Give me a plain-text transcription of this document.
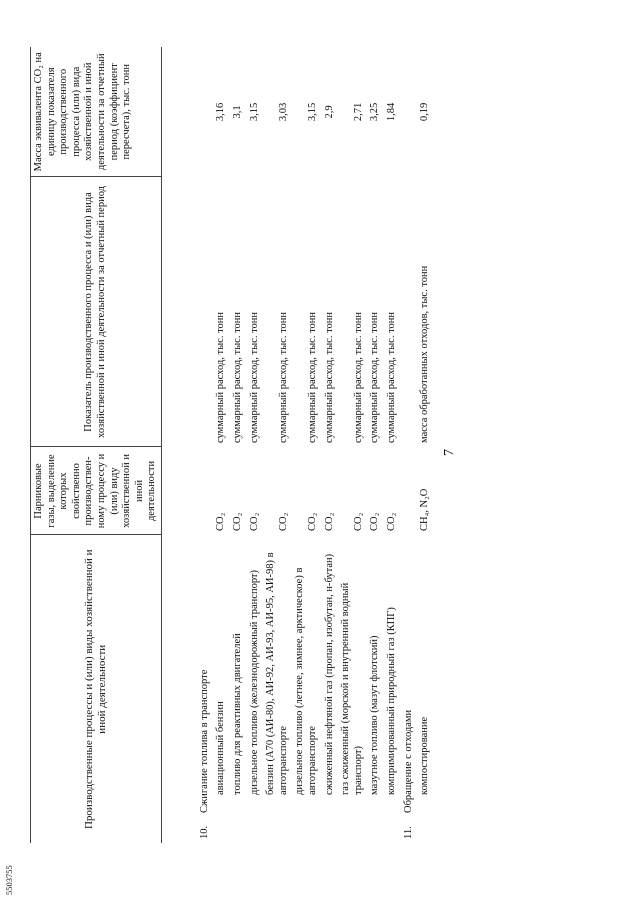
7
5503755
Производственные процессы и (или) виды хозяйственной и иной деятельности		Парниковые газы, выделение которых свойственно производствен-ному процессу и (или) виду хозяйственной и иной деятельности	Показатель производственного процесса и (или) вида хозяйственной и иной деятельности за отчетный период	Масса эквивалента CO₂ на единицу показателя производственного процесса (или) вида хозяйственной и иной деятельности за отчетный период (коэффициент пересчета), тыс. тонн
10.	Сжигание топлива в транспорте			
	авиационный бензин	CO₂	суммарный расход, тыс. тонн	3,16
	топливо для реактивных двигателей	CO₂	суммарный расход, тыс. тонн	3,1
	дизельное топливо (железнодорожный транспорт)	CO₂	суммарный расход, тыс. тонн	3,15
	бензин (А70 (АИ-80), АИ-92, АИ-93, АИ-95, АИ-98) в автотранспорте	CO₂	суммарный расход, тыс. тонн	3,03
	дизельное топливо (летнее, зимнее, арктическое) в автотранспорте	CO₂	суммарный расход, тыс. тонн	3,15
	сжиженный нефтяной газ (пропан, изобутан, н-бутан)	CO₂	суммарный расход, тыс. тонн	2,9
	газ сжиженный (морской и внутренний водный транспорт)	CO₂	суммарный расход, тыс. тонн	2,71
	мазутное топливо (мазут флотский)	CO₂	суммарный расход, тыс. тонн	3,25
	компримированный природный газ (КПГ)	CO₂	суммарный расход, тыс. тонн	1,84
11.	Обращение с отходами			
	компостирование	CH₄, N₂O	масса обработанных отходов, тыс. тонн	0,19
